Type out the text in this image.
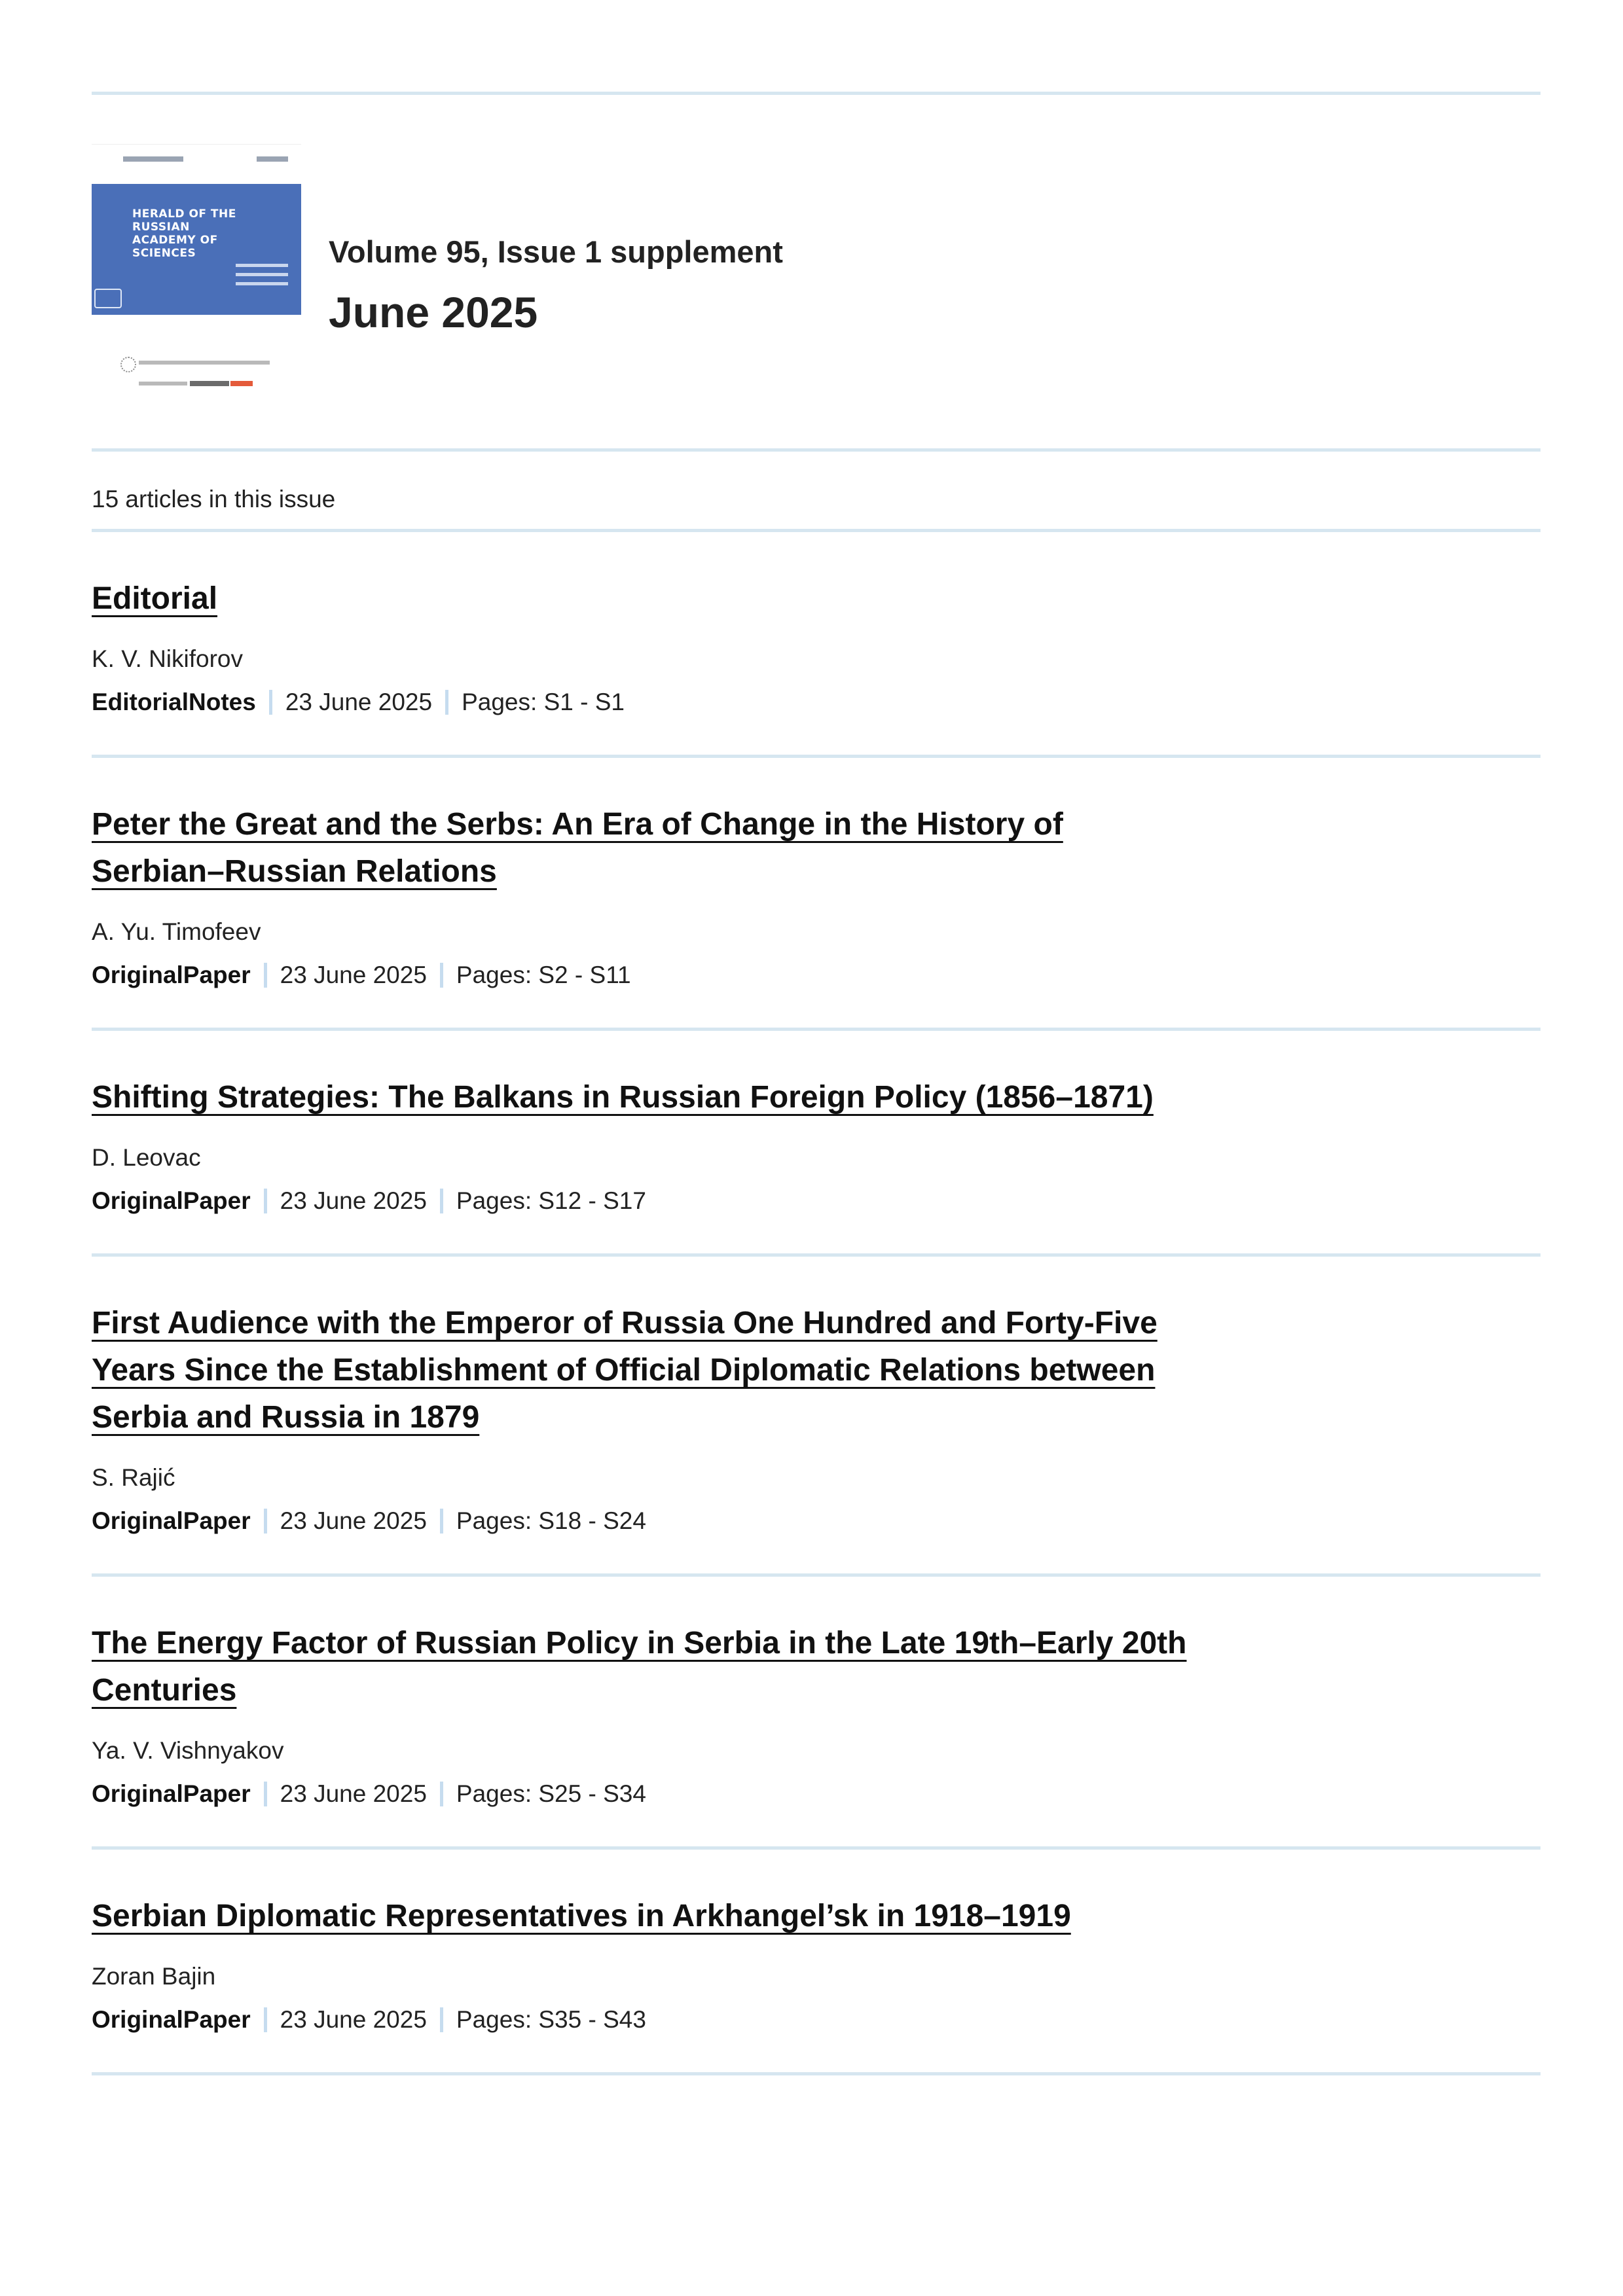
HERALD OF THE RUSSIAN ACADEMY OF SCIENCES	Volume 95, Issue 1 supplement
June 2025
15 articles in this issue
Editorial
K. V. Nikiforov
EditorialNotes 23 June 2025 Pages: S1 - S1
Peter the Great and the Serbs: An Era of Change in the History of Serbian–Russian Relations
A. Yu. Timofeev
OriginalPaper 23 June 2025 Pages: S2 - S11
Shifting Strategies: The Balkans in Russian Foreign Policy (1856–1871)
D. Leovac
OriginalPaper 23 June 2025 Pages: S12 - S17
First Audience with the Emperor of Russia One Hundred and Forty-Five Years Since the Establishment of Official Diplomatic Relations between Serbia and Russia in 1879
S. Rajić
OriginalPaper 23 June 2025 Pages: S18 - S24
The Energy Factor of Russian Policy in Serbia in the Late 19th–Early 20th Centuries
Ya. V. Vishnyakov
OriginalPaper 23 June 2025 Pages: S25 - S34
Serbian Diplomatic Representatives in Arkhangel’sk in 1918–1919
Zoran Bajin
OriginalPaper 23 June 2025 Pages: S35 - S43
